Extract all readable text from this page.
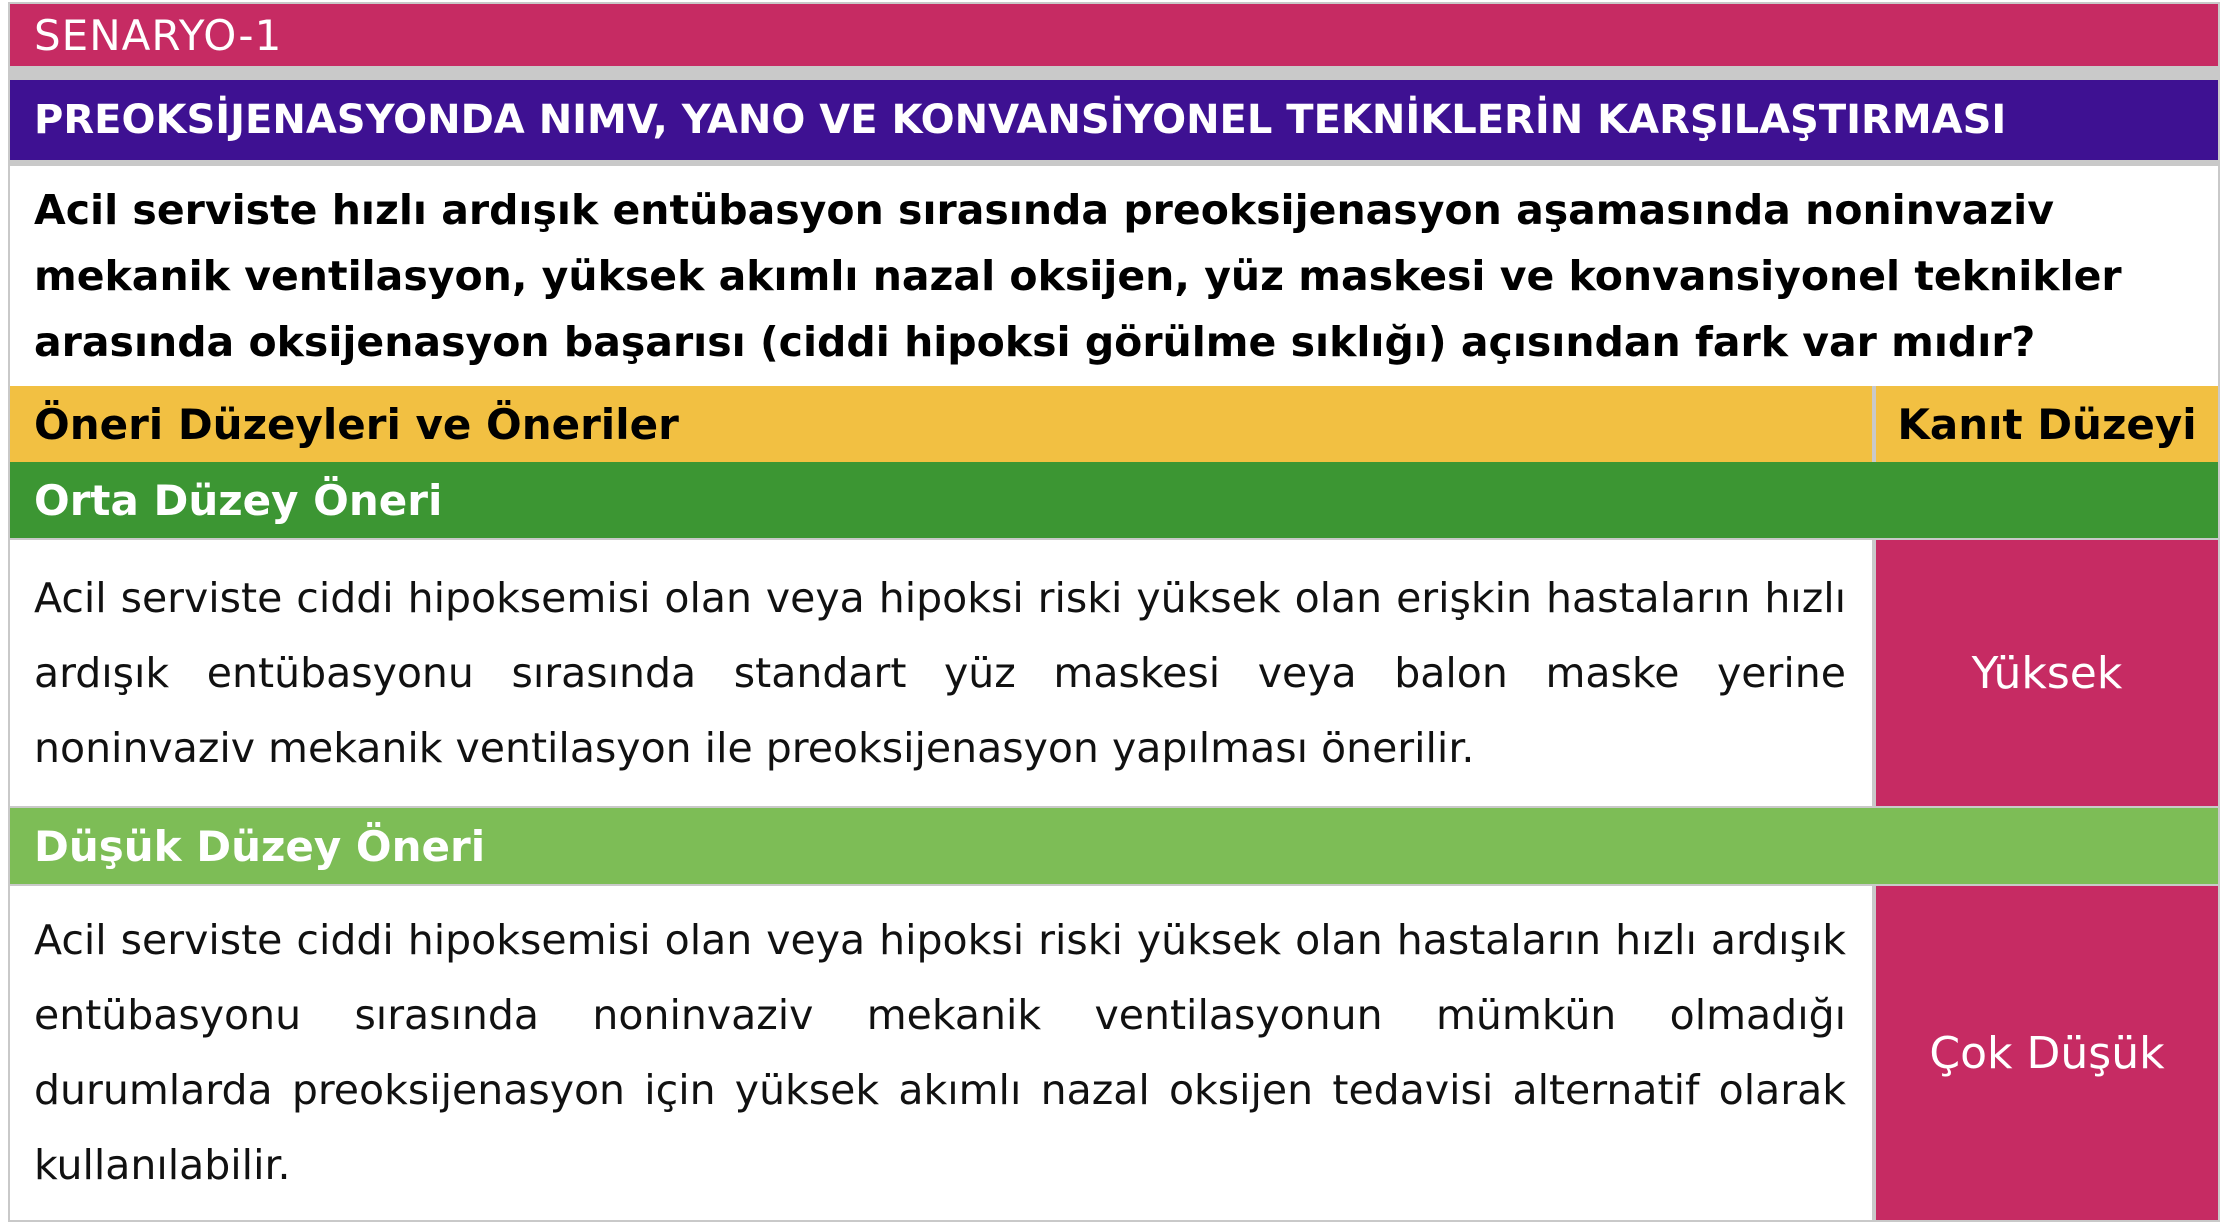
SENARYO-1
PREOKSİJENASYONDA NIMV, YANO VE KONVANSİYONEL TEKNİKLERİN KARŞILAŞTIRMASI
Acil serviste hızlı ardışık entübasyon sırasında preoksijenasyon aşamasında noninvaziv mekanik ventilasyon, yüksek akımlı nazal oksijen, yüz maskesi ve konvansiyonel teknikler arasında oksijenasyon başarısı (ciddi hipoksi görülme sıklığı) açısından fark var mıdır?
Öneri Düzeyleri ve Öneriler	Kanıt Düzeyi
Orta Düzey Öneri
Acil serviste ciddi hipoksemisi olan veya hipoksi riski yüksek olan erişkin hastaların hızlı ardışık entübasyonu sırasında standart yüz maskesi veya balon maske yerine noninvaziv mekanik ventilasyon ile preoksijenasyon yapılması önerilir.
Yüksek
Düşük Düzey Öneri
Acil serviste ciddi hipoksemisi olan veya hipoksi riski yüksek olan hastaların hızlı ardışık entübasyonu sırasında noninvaziv mekanik ventilasyonun mümkün olmadığı durumlarda preoksijenasyon için yüksek akımlı nazal oksijen tedavisi alternatif olarak kullanılabilir.
Çok Düşük
